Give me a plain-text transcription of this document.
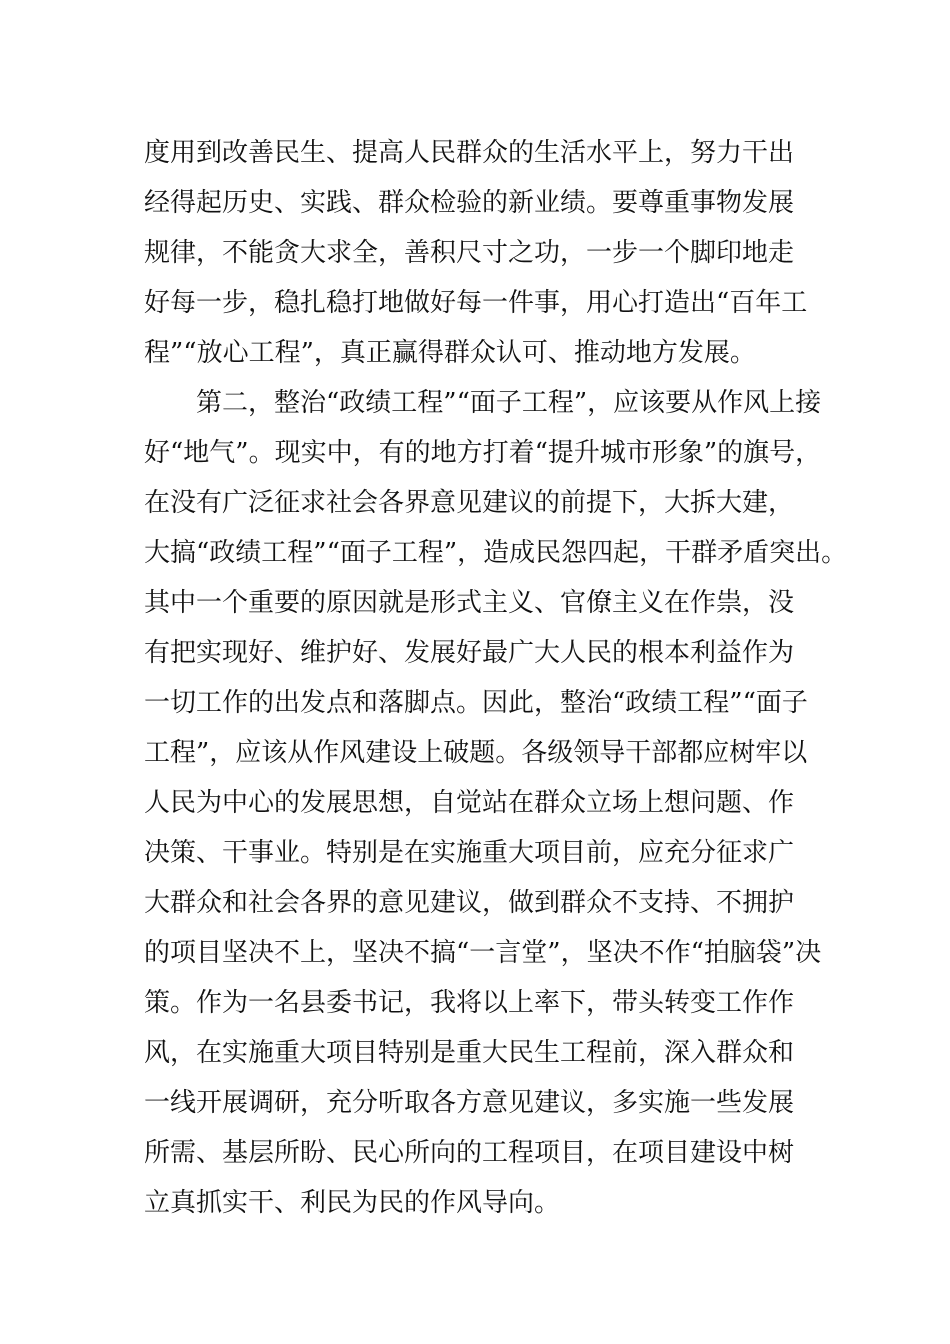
度用到改善民生、提高人民群众的生活水平上，努力干出
经得起历史、实践、群众检验的新业绩。要尊重事物发展
规律，不能贪大求全，善积尺寸之功，一步一个脚印地走
好每一步，稳扎稳打地做好每一件事，用心打造出“百年工
程”“放心工程”，真正赢得群众认可、推动地方发展。
第二，整治“政绩工程”“面子工程”，应该要从作风上接
好“地气”。现实中，有的地方打着“提升城市形象”的旗号，
在没有广泛征求社会各界意见建议的前提下，大拆大建，
大搞“政绩工程”“面子工程”，造成民怨四起，干群矛盾突出。
其中一个重要的原因就是形式主义、官僚主义在作祟，没
有把实现好、维护好、发展好最广大人民的根本利益作为
一切工作的出发点和落脚点。因此，整治“政绩工程”“面子
工程”，应该从作风建设上破题。各级领导干部都应树牢以
人民为中心的发展思想，自觉站在群众立场上想问题、作
决策、干事业。特别是在实施重大项目前，应充分征求广
大群众和社会各界的意见建议，做到群众不支持、不拥护
的项目坚决不上，坚决不搞“一言堂”，坚决不作“拍脑袋”决
策。作为一名县委书记，我将以上率下，带头转变工作作
风，在实施重大项目特别是重大民生工程前，深入群众和
一线开展调研，充分听取各方意见建议，多实施一些发展
所需、基层所盼、民心所向的工程项目，在项目建设中树
立真抓实干、利民为民的作风导向。
